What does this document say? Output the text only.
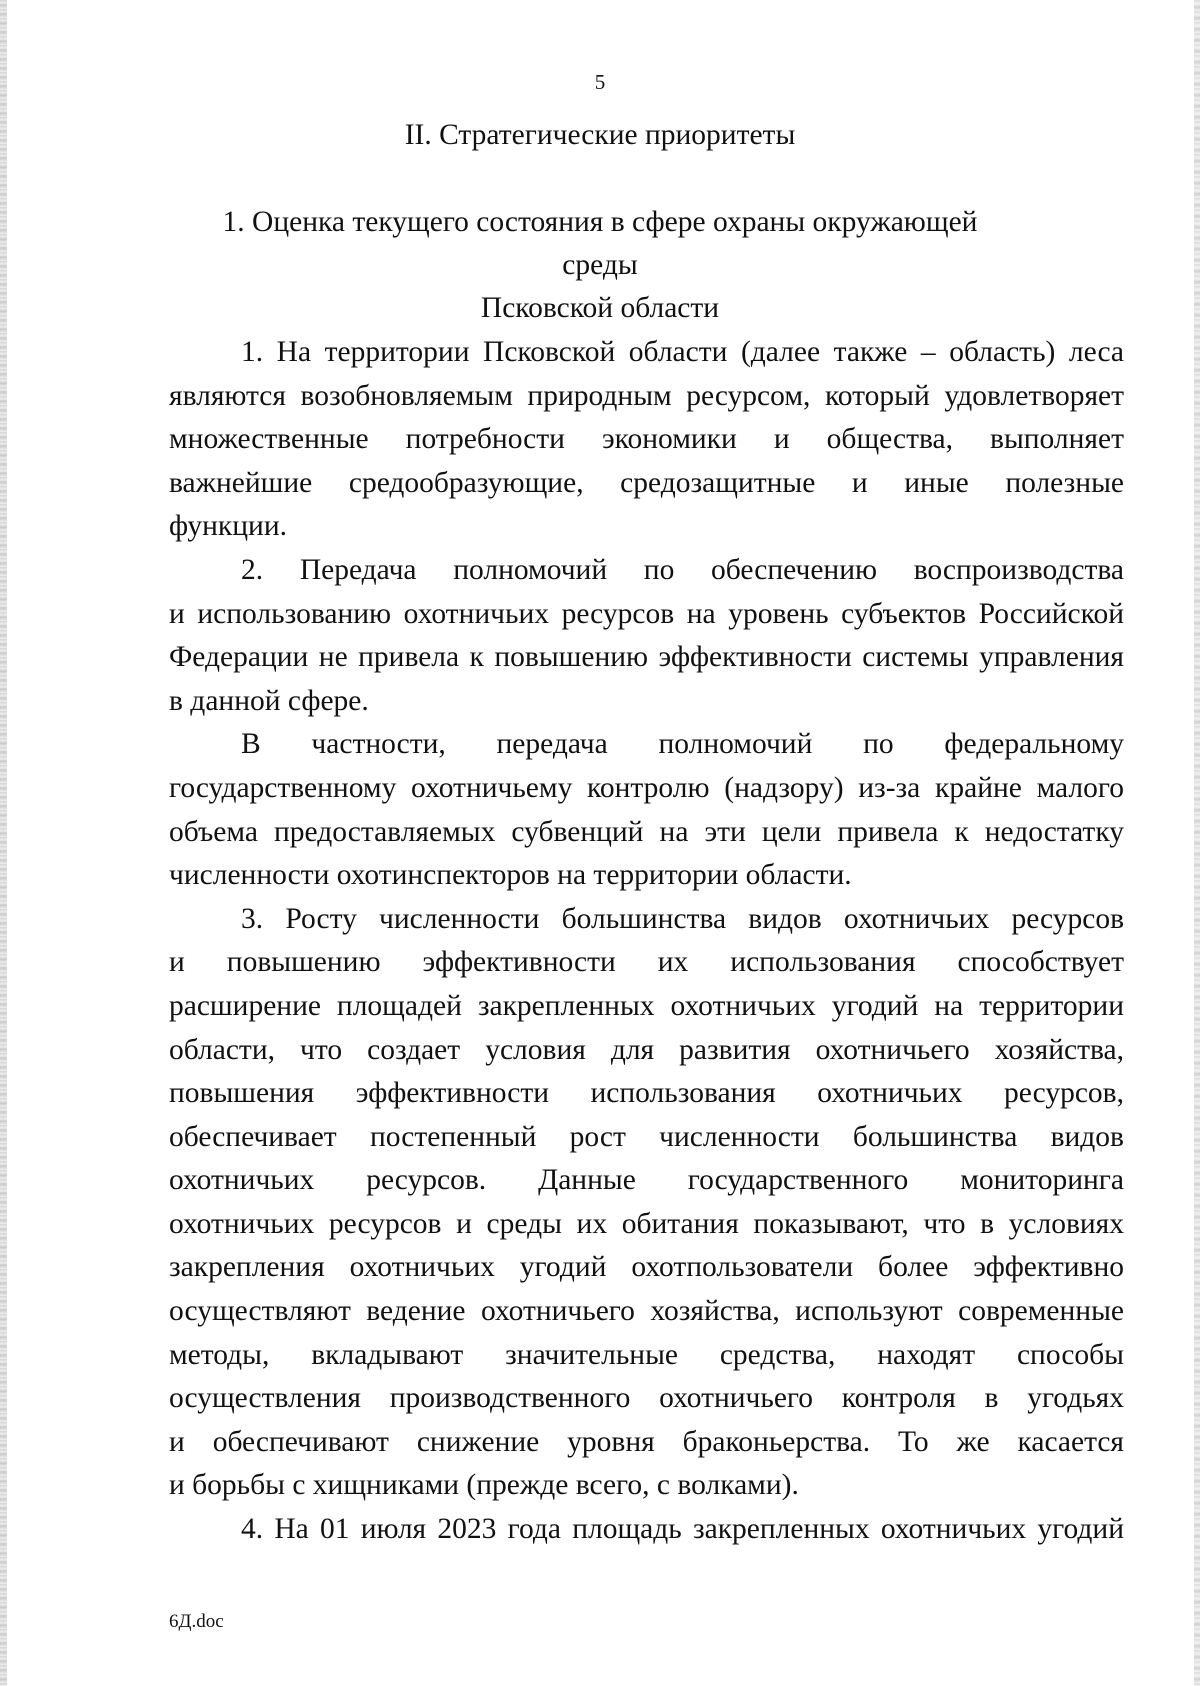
5
II. Стратегические приоритеты
1. Оценка текущего состояния в сфере охраны окружающей среды
Псковской области
1. На территории Псковской области (далее также – область) леса
являются возобновляемым природным ресурсом, который удовлетворяет
множественные потребности экономики и общества, выполняет
важнейшие средообразующие, средозащитные и иные полезные
функции.
2. Передача полномочий по обеспечению воспроизводства
и использованию охотничьих ресурсов на уровень субъектов Российской
Федерации не привела к повышению эффективности системы управления
в данной сфере.
В частности, передача полномочий по федеральному
государственному охотничьему контролю (надзору) из-за крайне малого
объема предоставляемых субвенций на эти цели привела к недостатку
численности охотинспекторов на территории области.
3. Росту численности большинства видов охотничьих ресурсов
и повышению эффективности их использования способствует
расширение площадей закрепленных охотничьих угодий на территории
области, что создает условия для развития охотничьего хозяйства,
повышения эффективности использования охотничьих ресурсов,
обеспечивает постепенный рост численности большинства видов
охотничьих ресурсов. Данные государственного мониторинга
охотничьих ресурсов и среды их обитания показывают, что в условиях
закрепления охотничьих угодий охотпользователи более эффективно
осуществляют ведение охотничьего хозяйства, используют современные
методы, вкладывают значительные средства, находят способы
осуществления производственного охотничьего контроля в угодьях
и обеспечивают снижение уровня браконьерства. То же касается
и борьбы с хищниками (прежде всего, с волками).
4. На 01 июля 2023 года площадь закрепленных охотничьих угодий
6Д.doc
